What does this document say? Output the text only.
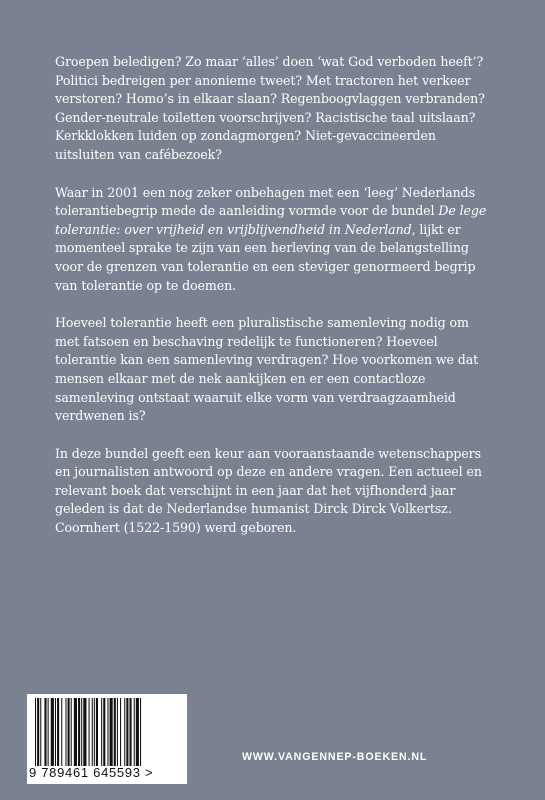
Groepen beledigen? Zo maar ‘alles’ doen ‘wat God verboden heeft’? Politici bedreigen per anonieme tweet? Met tractoren het verkeer verstoren? Homo’s in elkaar slaan? Regenboogvlaggen verbranden? Gender-neutrale toiletten voorschrijven? Racistische taal uitslaan? Kerkklokken luiden op zondagmorgen? Niet-gevaccineerden uitsluiten van cafébezoek?

Waar in 2001 een nog zeker onbehagen met een ‘leeg’ Nederlands tolerantiebegrip mede de aanleiding vormde voor de bundel De lege tolerantie: over vrijheid en vrijblijvendheid in Nederland, lijkt er momenteel sprake te zijn van een herleving van de belangstelling voor de grenzen van tolerantie en een steviger genormeerd begrip van tolerantie op te doemen.

Hoeveel tolerantie heeft een pluralistische samenleving nodig om met fatsoen en beschaving redelijk te functioneren? Hoeveel tolerantie kan een samenleving verdragen? Hoe voorkomen we dat mensen elkaar met de nek aankijken en er een contactloze samenleving ontstaat waaruit elke vorm van verdraagzaamheid verdwenen is?

In deze bundel geeft een keur aan vooraanstaande wetenschappers en journalisten antwoord op deze en andere vragen. Een actueel en relevant boek dat verschijnt in een jaar dat het vijfhonderd jaar geleden is dat de Nederlandse humanist Dirck Dirck Volkertsz. Coornhert (1522-1590) werd geboren.

9 789461 645593 >
WWW.VANGENNEP-BOEKEN.NL
